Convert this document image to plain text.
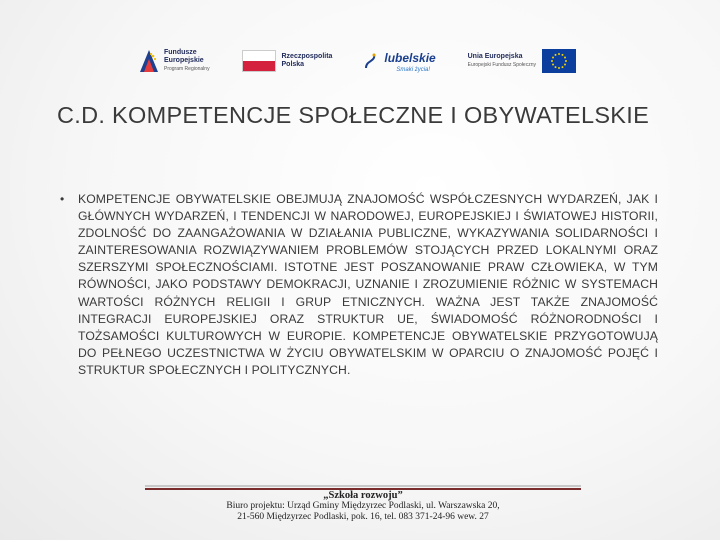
Fundusze
Europejskie
Program Regionalny
Rzeczpospolita
Polska	lubelskie
Smaki życia!
Unia Europejska
Europejski Fundusz Społeczny
C.D. KOMPETENCJE SPOŁECZNE I OBYWATELSKIE
• KOMPETENCJE OBYWATELSKIE OBEJMUJĄ ZNAJOMOŚĆ WSPÓŁCZESNYCH WYDARZEŃ, JAK I GŁÓWNYCH WYDARZEŃ, I TENDENCJI W NARODOWEJ, EUROPEJSKIEJ I ŚWIATOWEJ HISTORII, ZDOLNOŚĆ DO ZAANGAŻOWANIA W DZIAŁANIA PUBLICZNE, WYKAZYWANIA SOLIDARNOŚCI I ZAINTERESOWANIA ROZWIĄZYWANIEM PROBLEMÓW STOJĄCYCH PRZED LOKALNYMI ORAZ SZERSZYMI SPOŁECZNOŚCIAMI. ISTOTNE JEST POSZANOWANIE PRAW CZŁOWIEKA, W TYM RÓWNOŚCI, JAKO PODSTAWY DEMOKRACJI, UZNANIE I ZROZUMIENIE RÓŻNIC W SYSTEMACH WARTOŚCI RÓŻNYCH RELIGII I GRUP ETNICZNYCH. WAŻNA JEST TAKŻE ZNAJOMOŚĆ INTEGRACJI EUROPEJSKIEJ ORAZ STRUKTUR UE, ŚWIADOMOŚĆ RÓŻNORODNOŚCI I TOŻSAMOŚCI KULTUROWYCH W EUROPIE. KOMPETENCJE OBYWATELSKIE PRZYGOTOWUJĄ DO PEŁNEGO UCZESTNICTWA W ŻYCIU OBYWATELSKIM W OPARCIU O ZNAJOMOŚĆ POJĘĆ I STRUKTUR SPOŁECZNYCH I POLITYCZNYCH.
„Szkoła rozwoju”
Biuro projektu: Urząd Gminy Międzyrzec Podlaski, ul. Warszawska 20,
21-560 Międzyrzec Podlaski, pok. 16, tel. 083 371-24-96 wew. 27
